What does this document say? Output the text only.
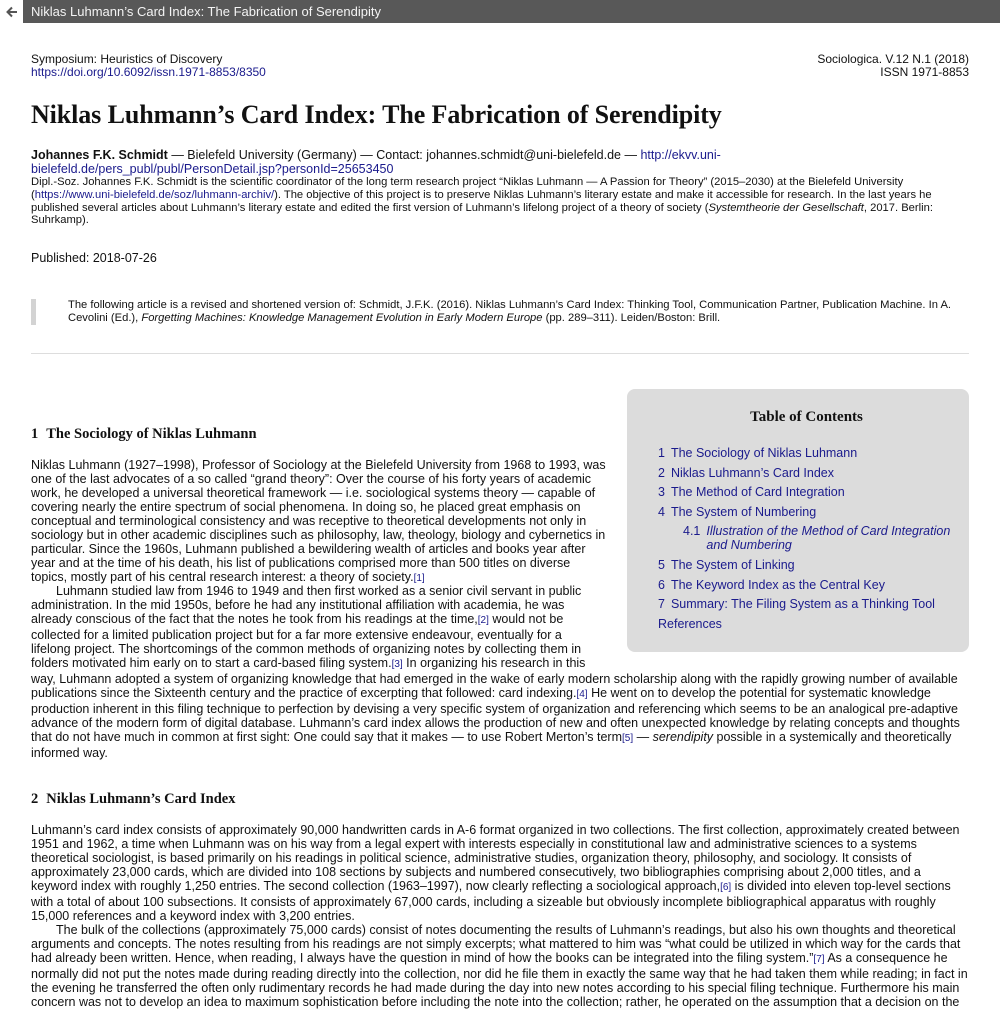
Niklas Luhmann’s Card Index: The Fabrication of Serendipity
Symposium: Heuristics of Discovery
https://doi.org/10.6092/issn.1971-8853/8350
Sociologica. V.12 N.1 (2018)
ISSN 1971-8853
Niklas Luhmann’s Card Index: The Fabrication of Serendipity
Johannes F.K. Schmidt — Bielefeld University (Germany) — Contact: johannes.schmidt@uni-bielefeld.de — http://ekvv.uni-bielefeld.de/pers_publ/publ/PersonDetail.jsp?personId=25653450
Dipl.-Soz. Johannes F.K. Schmidt is the scientific coordinator of the long term research project “Niklas Luhmann — A Passion for Theory” (2015–2030) at the Bielefeld University (https://www.uni-bielefeld.de/soz/luhmann-archiv/). The objective of this project is to preserve Niklas Luhmann’s literary estate and make it accessible for research. In the last years he published several articles about Luhmann’s literary estate and edited the first version of Luhmann’s lifelong project of a theory of society (Systemtheorie der Gesellschaft, 2017. Berlin: Suhrkamp).
Published: 2018-07-26
The following article is a revised and shortened version of: Schmidt, J.F.K. (2016). Niklas Luhmann’s Card Index: Thinking Tool, Communication Partner, Publication Machine. In A. Cevolini (Ed.), Forgetting Machines: Knowledge Management Evolution in Early Modern Europe (pp. 289–311). Leiden/Boston: Brill.
Table of Contents
1 The Sociology of Niklas Luhmann
2 Niklas Luhmann’s Card Index
3 The Method of Card Integration
4 The System of Numbering
4.1 Illustration of the Method of Card Integration and Numbering
5 The System of Linking
6 The Keyword Index as the Central Key
7 Summary: The Filing System as a Thinking Tool
References
1 The Sociology of Niklas Luhmann
Niklas Luhmann (1927–1998), Professor of Sociology at the Bielefeld University from 1968 to 1993, was one of the last advocates of a so called “grand theory”: Over the course of his forty years of academic work, he developed a universal theoretical framework — i.e. sociological systems theory — capable of covering nearly the entire spectrum of social phenomena. In doing so, he placed great emphasis on conceptual and terminological consistency and was receptive to theoretical developments not only in sociology but in other academic disciplines such as philosophy, law, theology, biology and cybernetics in particular. Since the 1960s, Luhmann published a bewildering wealth of articles and books year after year and at the time of his death, his list of publications comprised more than 500 titles on diverse topics, mostly part of his central research interest: a theory of society.[1]
Luhmann studied law from 1946 to 1949 and then first worked as a senior civil servant in public administration. In the mid 1950s, before he had any institutional affiliation with academia, he was already conscious of the fact that the notes he took from his readings at the time,[2] would not be collected for a limited publication project but for a far more extensive endeavour, eventually for a lifelong project. The shortcomings of the common methods of organizing notes by collecting them in folders motivated him early on to start a card-based filing system.[3] In organizing his research in this way, Luhmann adopted a system of organizing knowledge that had emerged in the wake of early modern scholarship along with the rapidly growing number of available publications since the Sixteenth century and the practice of excerpting that followed: card indexing.[4] He went on to develop the potential for systematic knowledge production inherent in this filing technique to perfection by devising a very specific system of organization and referencing which seems to be an analogical pre-adaptive advance of the modern form of digital database. Luhmann’s card index allows the production of new and often unexpected knowledge by relating concepts and thoughts that do not have much in common at first sight: One could say that it makes — to use Robert Merton’s term[5] — serendipity possible in a systemically and theoretically informed way.
2 Niklas Luhmann’s Card Index
Luhmann’s card index consists of approximately 90,000 handwritten cards in A-6 format organized in two collections. The first collection, approximately created between 1951 and 1962, a time when Luhmann was on his way from a legal expert with interests especially in constitutional law and administrative sciences to a systems theoretical sociologist, is based primarily on his readings in political science, administrative studies, organization theory, philosophy, and sociology. It consists of approximately 23,000 cards, which are divided into 108 sections by subjects and numbered consecutively, two bibliographies comprising about 2,000 titles, and a keyword index with roughly 1,250 entries. The second collection (1963–1997), now clearly reflecting a sociological approach,[6] is divided into eleven top-level sections with a total of about 100 subsections. It consists of approximately 67,000 cards, including a sizeable but obviously incomplete bibliographical apparatus with roughly 15,000 references and a keyword index with 3,200 entries.
The bulk of the collections (approximately 75,000 cards) consist of notes documenting the results of Luhmann’s readings, but also his own thoughts and theoretical arguments and concepts. The notes resulting from his readings are not simply excerpts; what mattered to him was “what could be utilized in which way for the cards that had already been written. Hence, when reading, I always have the question in mind of how the books can be integrated into the filing system.”[7] As a consequence he normally did not put the notes made during reading directly into the collection, nor did he file them in exactly the same way that he had taken them while reading; in fact in the evening he transferred the often only rudimentary records he had made during the day into new notes according to his special filing technique. Furthermore his main concern was not to develop an idea to maximum sophistication before including the note into the collection; rather, he operated on the assumption that a decision on the
